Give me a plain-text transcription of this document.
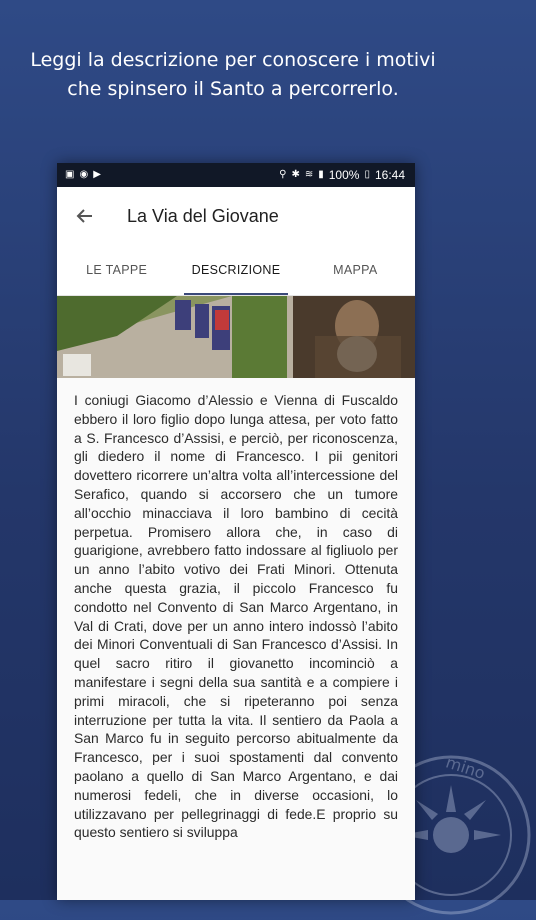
Leggi la descrizione per conoscere i motivi che spinsero il Santo a percorrerlo.
mino
▣ ◉ ▶	⚲ ✱ ≋ ▮ 100% ▯ 16:44
La Via del Giovane
LE TAPPE	DESCRIZIONE	MAPPA
I coniugi Giacomo d’Alessio e Vienna di Fuscaldo ebbero il loro figlio dopo lunga attesa, per voto fatto a S. Francesco d’Assisi, e perciò, per riconoscenza, gli diedero il nome di Francesco. I pii genitori dovettero ricorrere un’altra volta all’intercessione del Serafico, quando si accorsero che un tumore all’occhio minacciava il loro bambino di cecità perpetua. Promisero allora che, in caso di guarigione, avrebbero fatto indossare al figliuolo per un anno l’abito votivo dei Frati Minori. Ottenuta anche questa grazia, il piccolo Francesco fu condotto nel Convento di San Marco Argentano, in Val di Crati, dove per un anno intero indossò l’abito dei Minori Conventuali di San Francesco d’Assisi. In quel sacro ritiro il giovanetto incominciò a manifestare i segni della sua santità e a compiere i primi miracoli, che si ripeteranno poi senza interruzione per tutta la vita. Il sentiero da Paola a San Marco fu in seguito percorso abitualmente da Francesco, per i suoi spostamenti dal convento paolano a quello di San Marco Argentano, e dai numerosi fedeli, che in diverse occasioni, lo utilizzavano per pellegrinaggi di fede.E proprio su questo sentiero si sviluppa
